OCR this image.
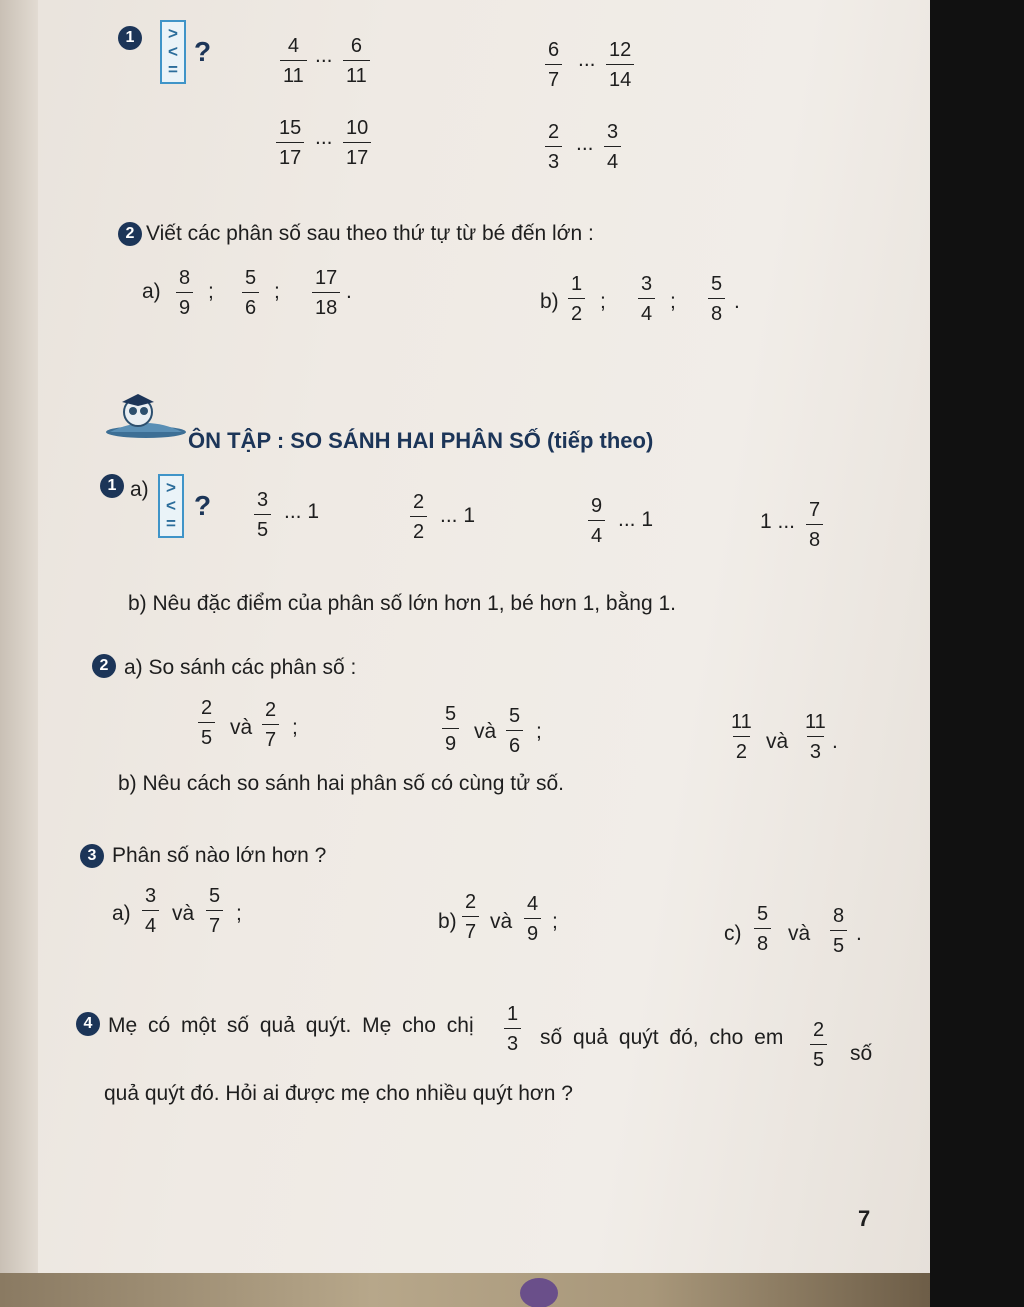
1	>
<
=
?	$\frac{4}{11}$ ... $\frac{6}{11}$	$\frac{6}{7}$ ... $\frac{12}{14}$
$\frac{15}{17}$ ... $\frac{10}{17}$	$\frac{2}{3}$ ... $\frac{3}{4}$
2 Viết các phân số sau theo thứ tự từ bé đến lớn :
$a) \frac{8}{9}$ ; $\frac{5}{6}$ ; $\frac{17}{18}$ .	$b) \frac{1}{2}$ ; $\frac{3}{4}$ ; $\frac{5}{8}$ .
ÔN TẬP : SO SÁNH HAI PHÂN SỐ (tiếp theo)
1 a) >
<
=
? $\frac{3}{5}$ ... 1	$\frac{2}{2}$ ... 1	$\frac{9}{4}$ ... 1	1 ... $\frac{7}{8}$
b) Nêu đặc điểm của phân số lớn hơn 1, bé hơn 1, bằng 1.
2 a) So sánh các phân số :
$\frac{2}{5}$ và $\frac{2}{7}$ ;	$\frac{5}{9}$ và $\frac{5}{6}$ ;	$\frac{11}{2}$ và $\frac{11}{3}$ .
b) Nêu cách so sánh hai phân số có cùng tử số.
3 Phân số nào lớn hơn ?
$a) \frac{3}{4}$ và $\frac{5}{7}$ ;	$b) \frac{2}{7}$ và $\frac{4}{9}$ ;
$c) \frac{5}{8}$ và $\frac{8}{5}$ .
4 Mẹ có một số quả quýt. Mẹ cho chị $\frac{1}{3}$ số quả quýt đó, cho em $\frac{2}{5}$ số
quả quýt đó. Hỏi ai được mẹ cho nhiều quýt hơn ?
7
